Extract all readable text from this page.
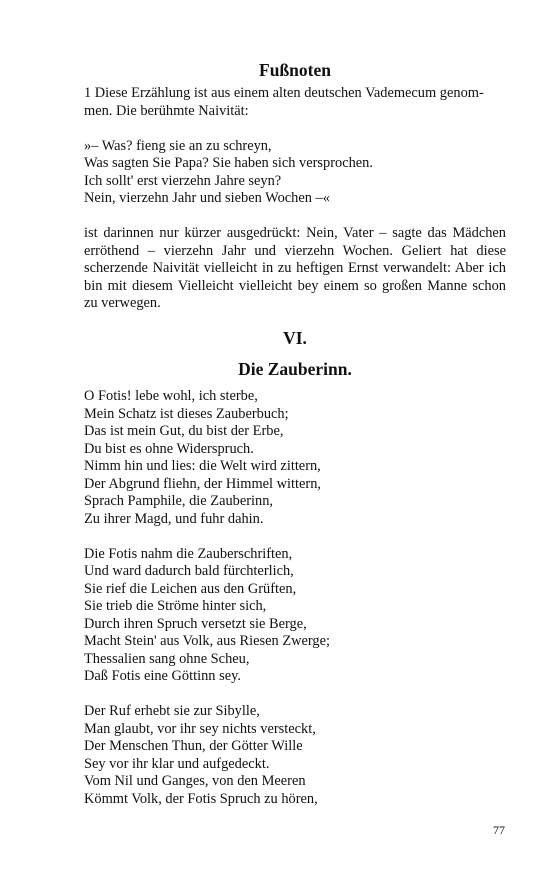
Fußnoten

1 Diese Erzählung ist aus einem alten deutschen Vademecum genom-
men. Die berühmte Naivität:

»– Was? fieng sie an zu schreyn,
Was sagten Sie Papa? Sie haben sich versprochen.
Ich sollt' erst vierzehn Jahre seyn?
Nein, vierzehn Jahr und sieben Wochen –«

ist darinnen nur kürzer ausgedrückt: Nein, Vater – sagte das Mädchen erröthend – vierzehn Jahr und vierzehn Wochen. Geliert hat diese scherzende Naivität vielleicht in zu heftigen Ernst verwandelt: Aber ich bin mit diesem Vielleicht vielleicht bey einem so großen Manne schon zu verwegen.

VI.
Die Zauberinn.

O Fotis! lebe wohl, ich sterbe,
Mein Schatz ist dieses Zauberbuch;
Das ist mein Gut, du bist der Erbe,
Du bist es ohne Widerspruch.
Nimm hin und lies: die Welt wird zittern,
Der Abgrund fliehn, der Himmel wittern,
Sprach Pamphile, die Zauberinn,
Zu ihrer Magd, und fuhr dahin.

Die Fotis nahm die Zauberschriften,
Und ward dadurch bald fürchterlich,
Sie rief die Leichen aus den Grüften,
Sie trieb die Ströme hinter sich,
Durch ihren Spruch versetzt sie Berge,
Macht Stein' aus Volk, aus Riesen Zwerge;
Thessalien sang ohne Scheu,
Daß Fotis eine Göttinn sey.

Der Ruf erhebt sie zur Sibylle,
Man glaubt, vor ihr sey nichts versteckt,
Der Menschen Thun, der Götter Wille
Sey vor ihr klar und aufgedeckt.
Vom Nil und Ganges, von den Meeren
Kömmt Volk, der Fotis Spruch zu hören,

77
